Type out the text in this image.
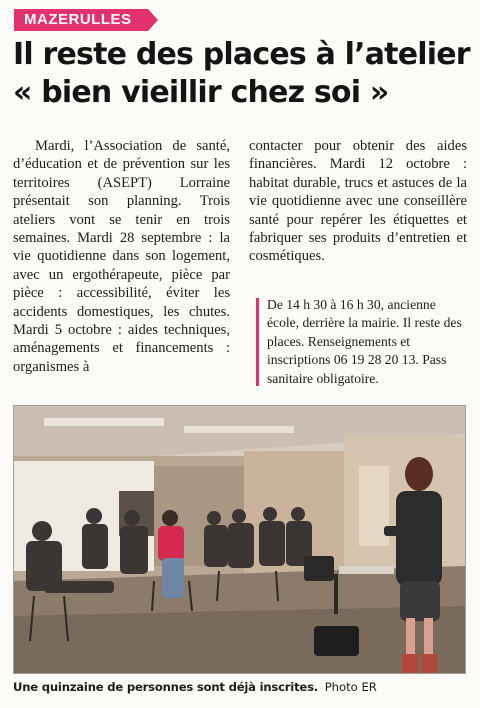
MAZERULLES
Il reste des places à l’atelier
« bien vieillir chez soi »

Mardi, l’Association de santé, d’éducation et de prévention sur les territoires (ASEPT) Lorraine présentait son planning. Trois ateliers vont se tenir en trois semaines. Mardi 28 septembre : la vie quotidienne dans son logement, avec un ergothérapeute, pièce par pièce : accessibilité, éviter les accidents domestiques, les chutes. Mardi 5 octobre : aides techniques, aménagements et financements : organismes à

contacter pour obtenir des aides financières. Mardi 12 octobre : habitat durable, trucs et astuces de la vie quotidienne avec une conseillère santé pour repérer les étiquettes et fabriquer ses produits d’entretien et cosmétiques.

De 14 h 30 à 16 h 30, ancienne école, derrière la mairie. Il reste des places. Renseignements et inscriptions 06 19 28 20 13. Pass sanitaire obligatoire.
Une quinzaine de personnes sont déjà inscrites. Photo ER
